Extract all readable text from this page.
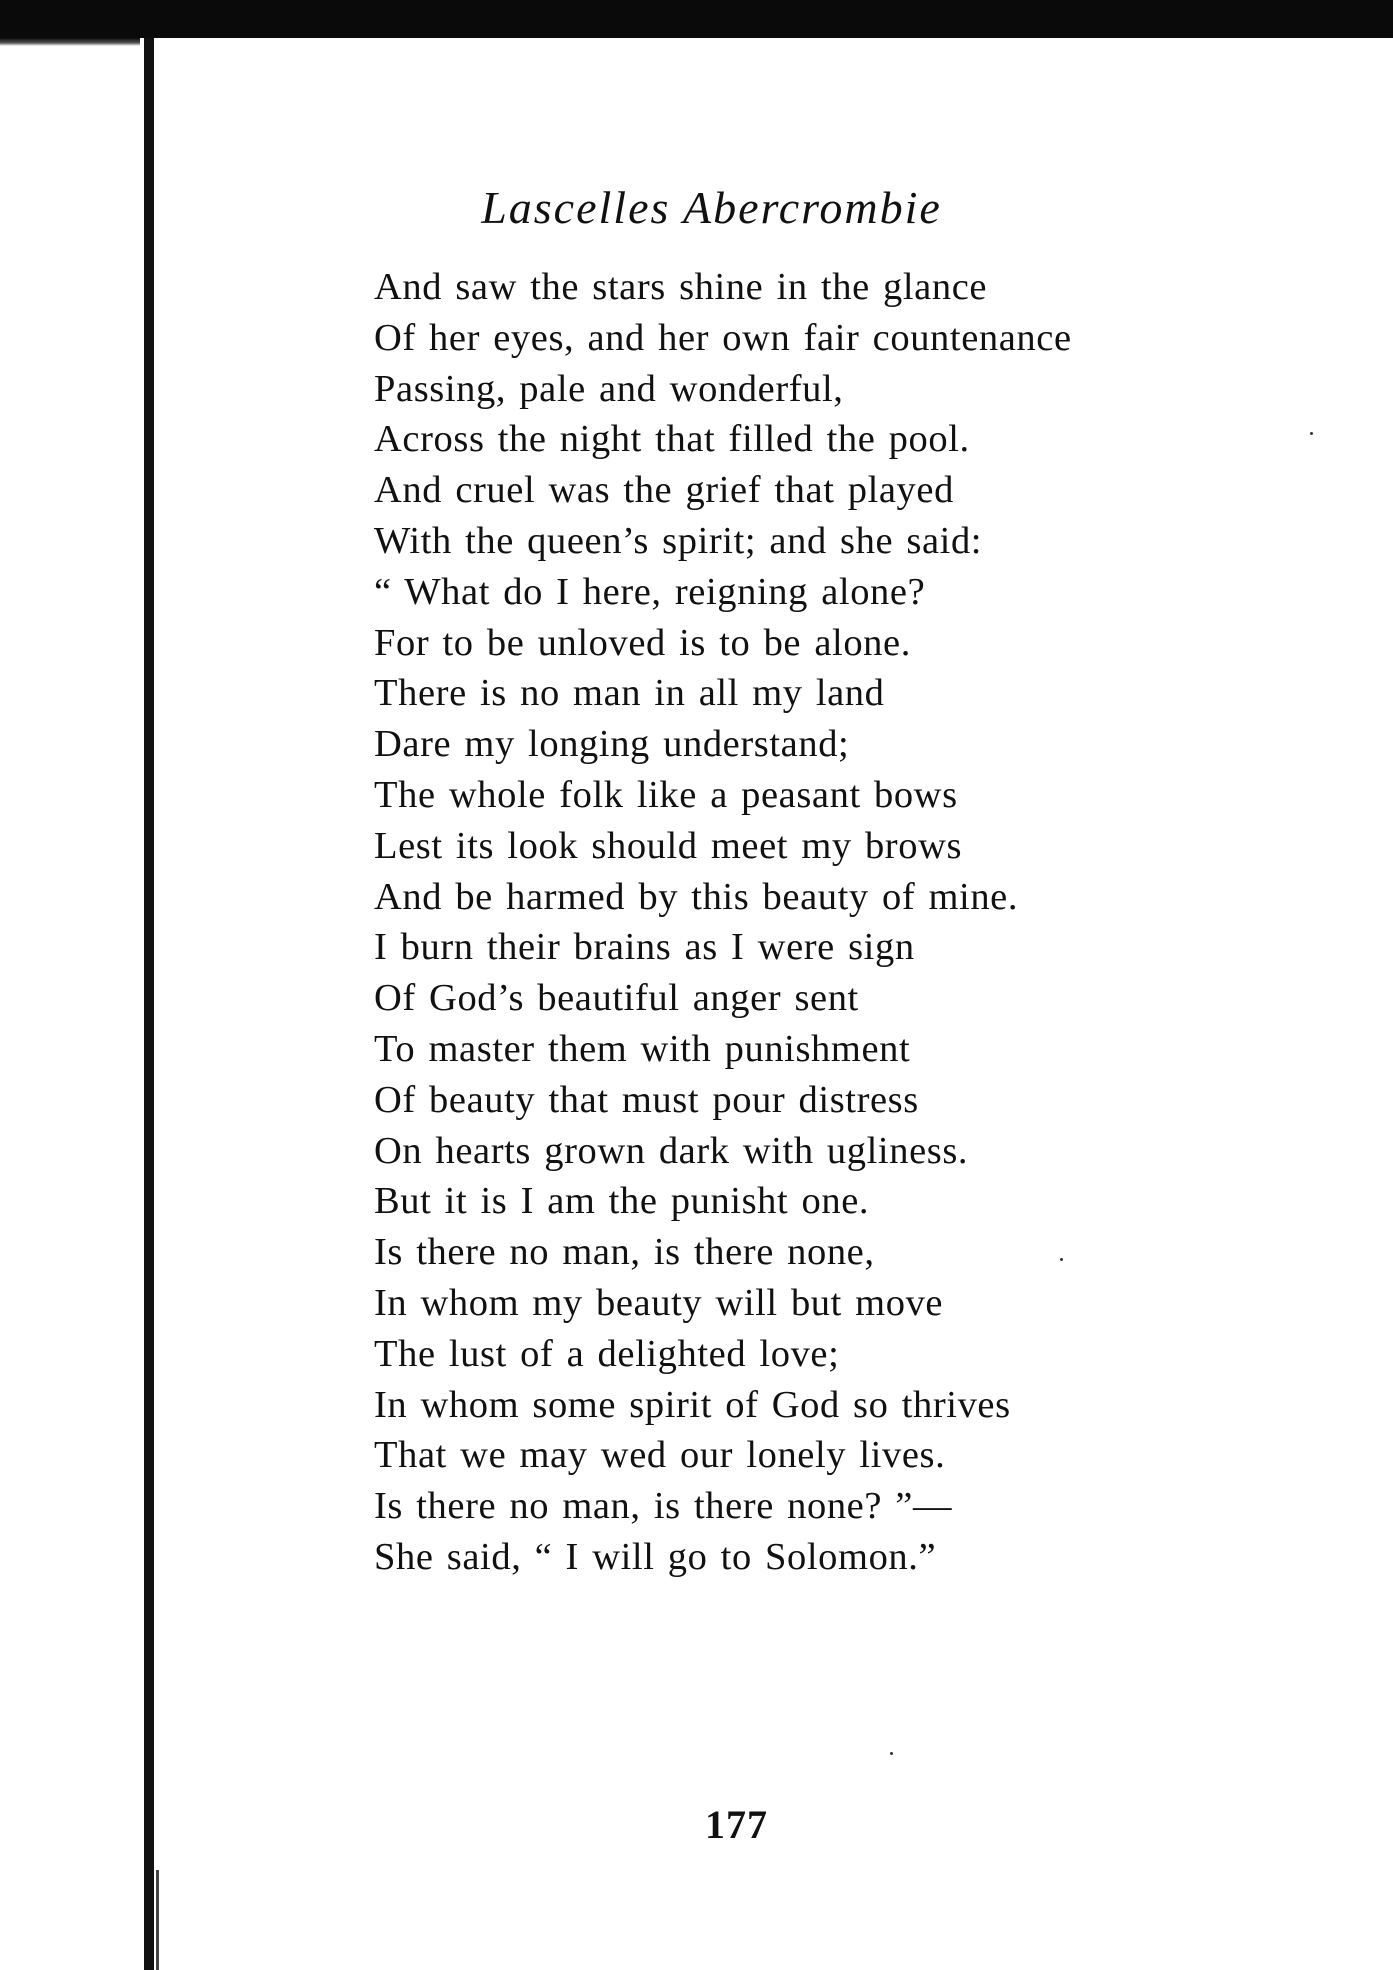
Lascelles Abercrombie
And saw the stars shine in the glance
Of her eyes, and her own fair countenance
Passing, pale and wonderful,
Across the night that filled the pool.
And cruel was the grief that played
With the queen’s spirit; and she said:
“ What do I here, reigning alone?
For to be unloved is to be alone.
There is no man in all my land
Dare my longing understand;
The whole folk like a peasant bows
Lest its look should meet my brows
And be harmed by this beauty of mine.
I burn their brains as I were sign
Of God’s beautiful anger sent
To master them with punishment
Of beauty that must pour distress
On hearts grown dark with ugliness.
But it is I am the punisht one.
Is there no man, is there none,
In whom my beauty will but move
The lust of a delighted love;
In whom some spirit of God so thrives
That we may wed our lonely lives.
Is there no man, is there none? ”—
She said, “ I will go to Solomon.”
177
